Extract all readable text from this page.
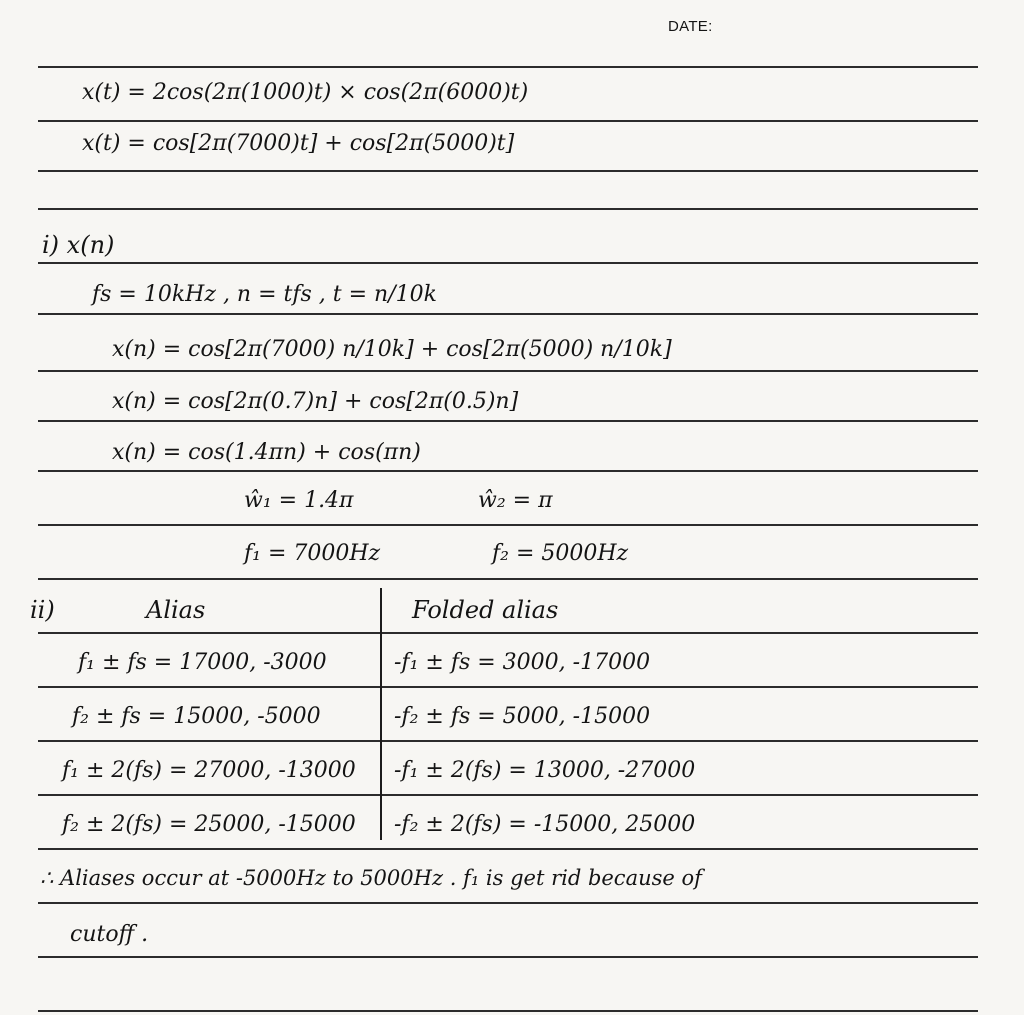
DATE:
x(t) = 2cos(2π(1000)t) × cos(2π(6000)t)
x(t) = cos[2π(7000)t] + cos[2π(5000)t]
i) x(n)
fs = 10kHz , n = tfs , t = n/10k
x(n) = cos[2π(7000) n/10k] + cos[2π(5000) n/10k]
x(n) = cos[2π(0.7)n] + cos[2π(0.5)n]
x(n) = cos(1.4πn) + cos(πn)
ŵ₁ = 1.4π	ŵ₂ = π
f₁ = 7000Hz	f₂ = 5000Hz
ii)	Alias	Folded alias
f₁ ± fs = 17000, -3000	-f₁ ± fs = 3000, -17000
f₂ ± fs = 15000, -5000	-f₂ ± fs = 5000, -15000
f₁ ± 2(fs) = 27000, -13000 -f₁ ± 2(fs) = 13000, -27000
f₂ ± 2(fs) = 25000, -15000 -f₂ ± 2(fs) = -15000, 25000
∴ Aliases occur at -5000Hz to 5000Hz . f₁ is get rid because of
cutoff .
